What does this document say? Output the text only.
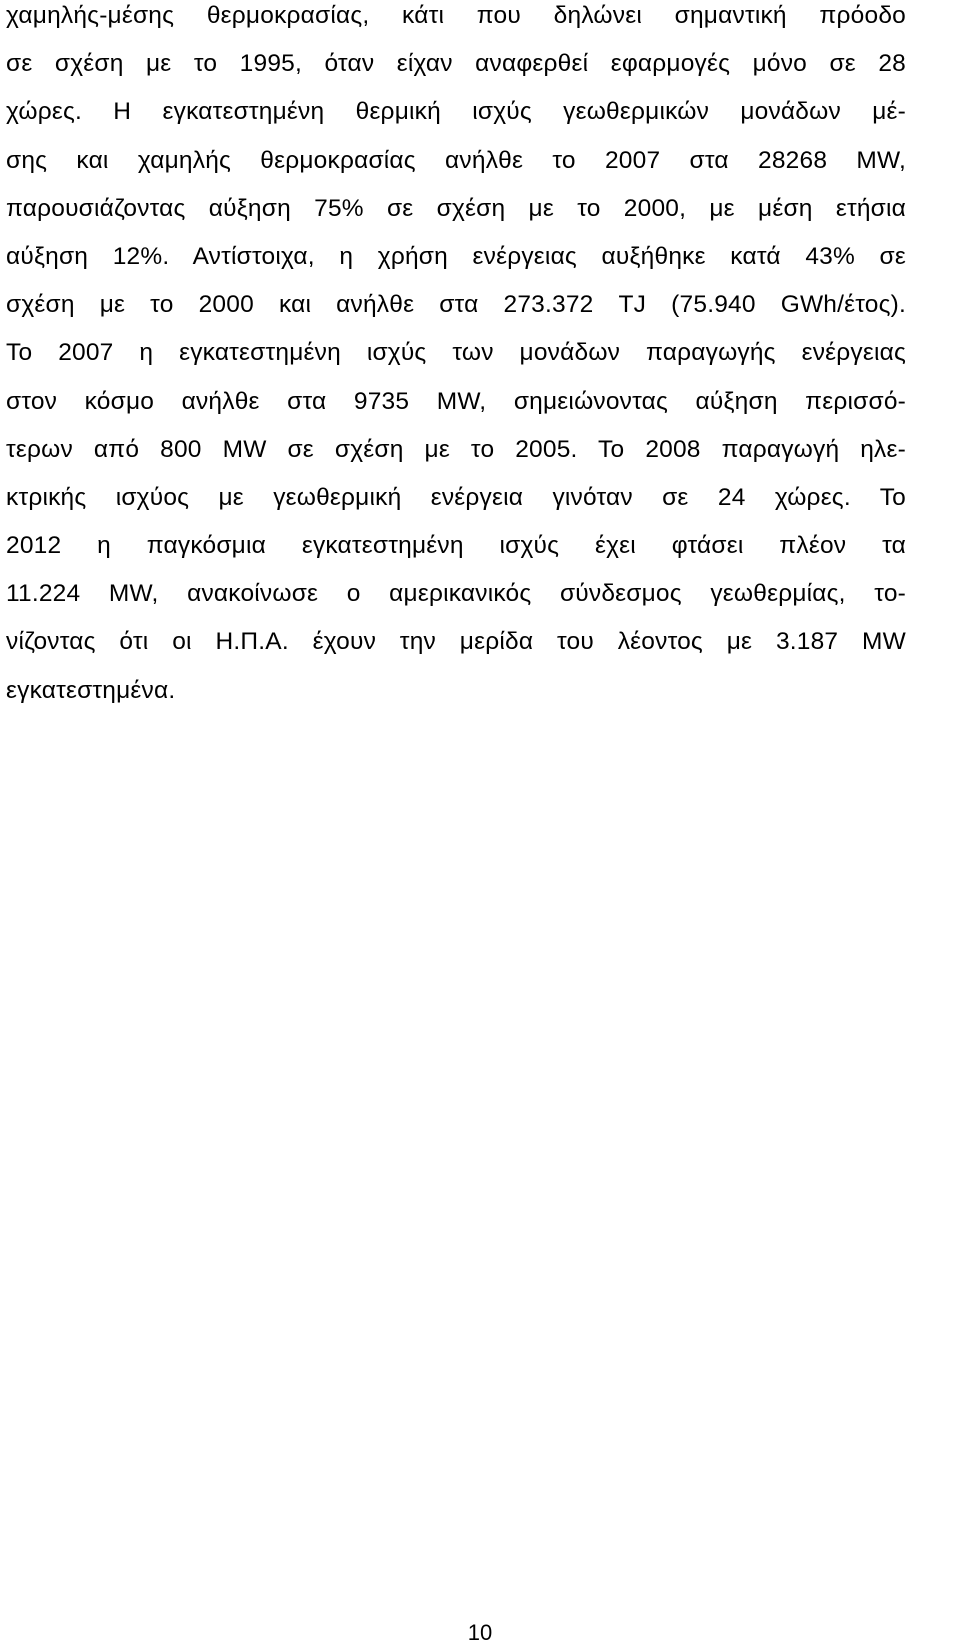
χαμηλής-μέσης θερμοκρασίας, κάτι που δηλώνει σημαντική πρόοδο
σε σχέση με το 1995, όταν είχαν αναφερθεί εφαρμογές μόνο σε 28
χώρες. Η εγκατεστημένη θερμική ισχύς γεωθερμικών μονάδων μέ-
σης και χαμηλής θερμοκρασίας ανήλθε το 2007 στα 28268 MW,
παρουσιάζοντας αύξηση 75% σε σχέση με το 2000, με μέση ετήσια
αύξηση 12%. Αντίστοιχα, η χρήση ενέργειας αυξήθηκε κατά 43% σε
σχέση με το 2000 και ανήλθε στα 273.372 TJ (75.940 GWh/έτος).
Το 2007 η εγκατεστημένη ισχύς των μονάδων παραγωγής ενέργειας
στον κόσμο ανήλθε στα 9735 MW, σημειώνοντας αύξηση περισσό-
τερων από 800 MW σε σχέση με το 2005. Το 2008 παραγωγή ηλε-
κτρικής ισχύος με γεωθερμική ενέργεια γινόταν σε 24 χώρες. Το
2012 η παγκόσμια εγκατεστημένη ισχύς έχει φτάσει πλέον τα
11.224 MW, ανακοίνωσε ο αμερικανικός σύνδεσμος γεωθερμίας, το-
νίζοντας ότι οι Η.Π.Α. έχουν την μερίδα του λέοντος με 3.187 MW
εγκατεστημένα.
10
